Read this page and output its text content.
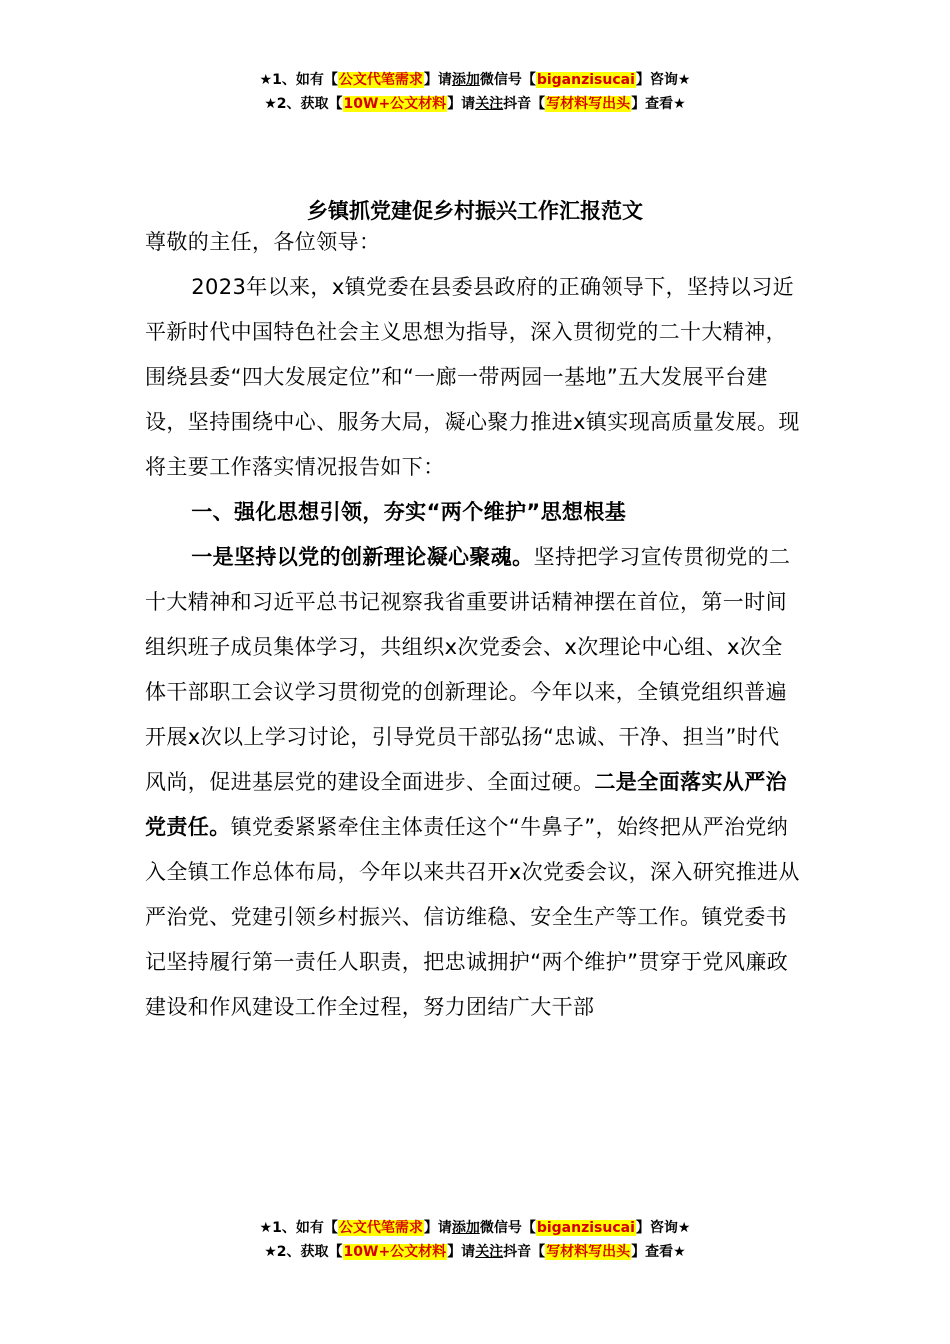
★1、如有【公文代笔需求】请添加微信号【biganzisucai】咨询★
★2、获取【10W+公文材料】请关注抖音【写材料写出头】查看★
乡镇抓党建促乡村振兴工作汇报范文

尊敬的主任，各位领导：

2023年以来，x镇党委在县委县政府的正确领导下，坚持以习近平新时代中国特色社会主义思想为指导，深入贯彻党的二十大精神，围绕县委“四大发展定位”和“一廊一带两园一基地”五大发展平台建设，坚持围绕中心、服务大局，凝心聚力推进x镇实现高质量发展。现将主要工作落实情况报告如下：

一、强化思想引领，夯实“两个维护”思想根基

一是坚持以党的创新理论凝心聚魂。坚持把学习宣传贯彻党的二十大精神和习近平总书记视察我省重要讲话精神摆在首位，第一时间组织班子成员集体学习，共组织x次党委会、x次理论中心组、x次全体干部职工会议学习贯彻党的创新理论。今年以来，全镇党组织普遍开展x次以上学习讨论，引导党员干部弘扬“忠诚、干净、担当”时代风尚，促进基层党的建设全面进步、全面过硬。二是全面落实从严治党责任。镇党委紧紧牵住主体责任这个“牛鼻子”，始终把从严治党纳入全镇工作总体布局，今年以来共召开x次党委会议，深入研究推进从严治党、党建引领乡村振兴、信访维稳、安全生产等工作。镇党委书记坚持履行第一责任人职责，把忠诚拥护“两个维护”贯穿于党风廉政建设和作风建设工作全过程，努力团结广大干部

★1、如有【公文代笔需求】请添加微信号【biganzisucai】咨询★
★2、获取【10W+公文材料】请关注抖音【写材料写出头】查看★
